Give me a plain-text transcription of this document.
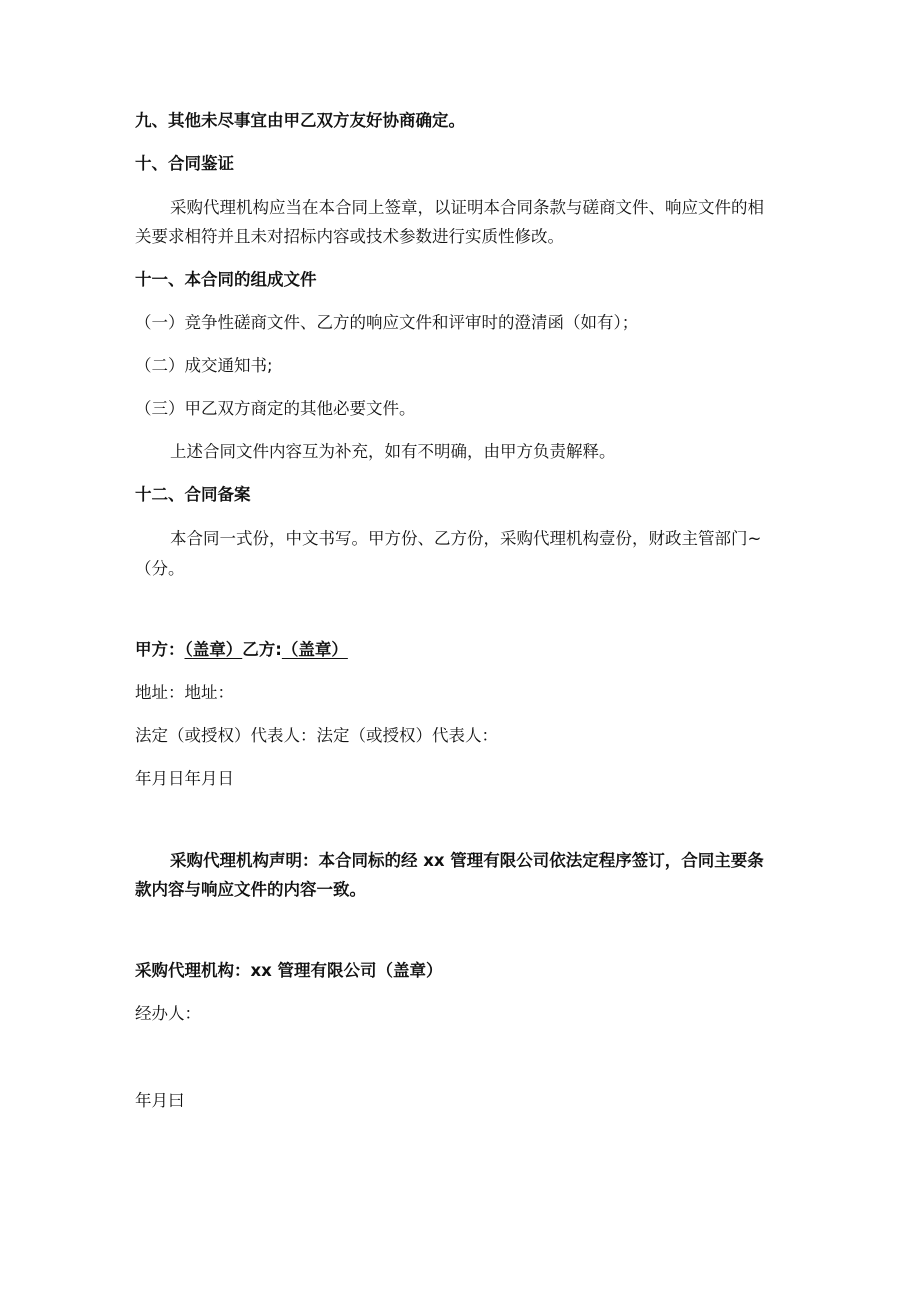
九、其他未尽事宜由甲乙双方友好协商确定。
十、合同鉴证
采购代理机构应当在本合同上签章，以证明本合同条款与磋商文件、响应文件的相
关要求相符并且未对招标内容或技术参数进行实质性修改。
十一、本合同的组成文件
（一）竞争性磋商文件、乙方的响应文件和评审时的澄清函（如有）；
（二）成交通知书;
（三）甲乙双方商定的其他必要文件。
上述合同文件内容互为补充，如有不明确，由甲方负责解释。
十二、合同备案
本合同一式份，中文书写。甲方份、乙方份，采购代理机构壹份，财政主管部门~
（分。
甲方：（盖章）乙方:（盖章）
地址：地址：
法定（或授权）代表人：法定（或授权）代表人：
年月日年月日
采购代理机构声明：本合同标的经 xx 管理有限公司依法定程序签订，合同主要条
款内容与响应文件的内容一致。
采购代理机构：xx 管理有限公司（盖章）
经办人：
年月曰
